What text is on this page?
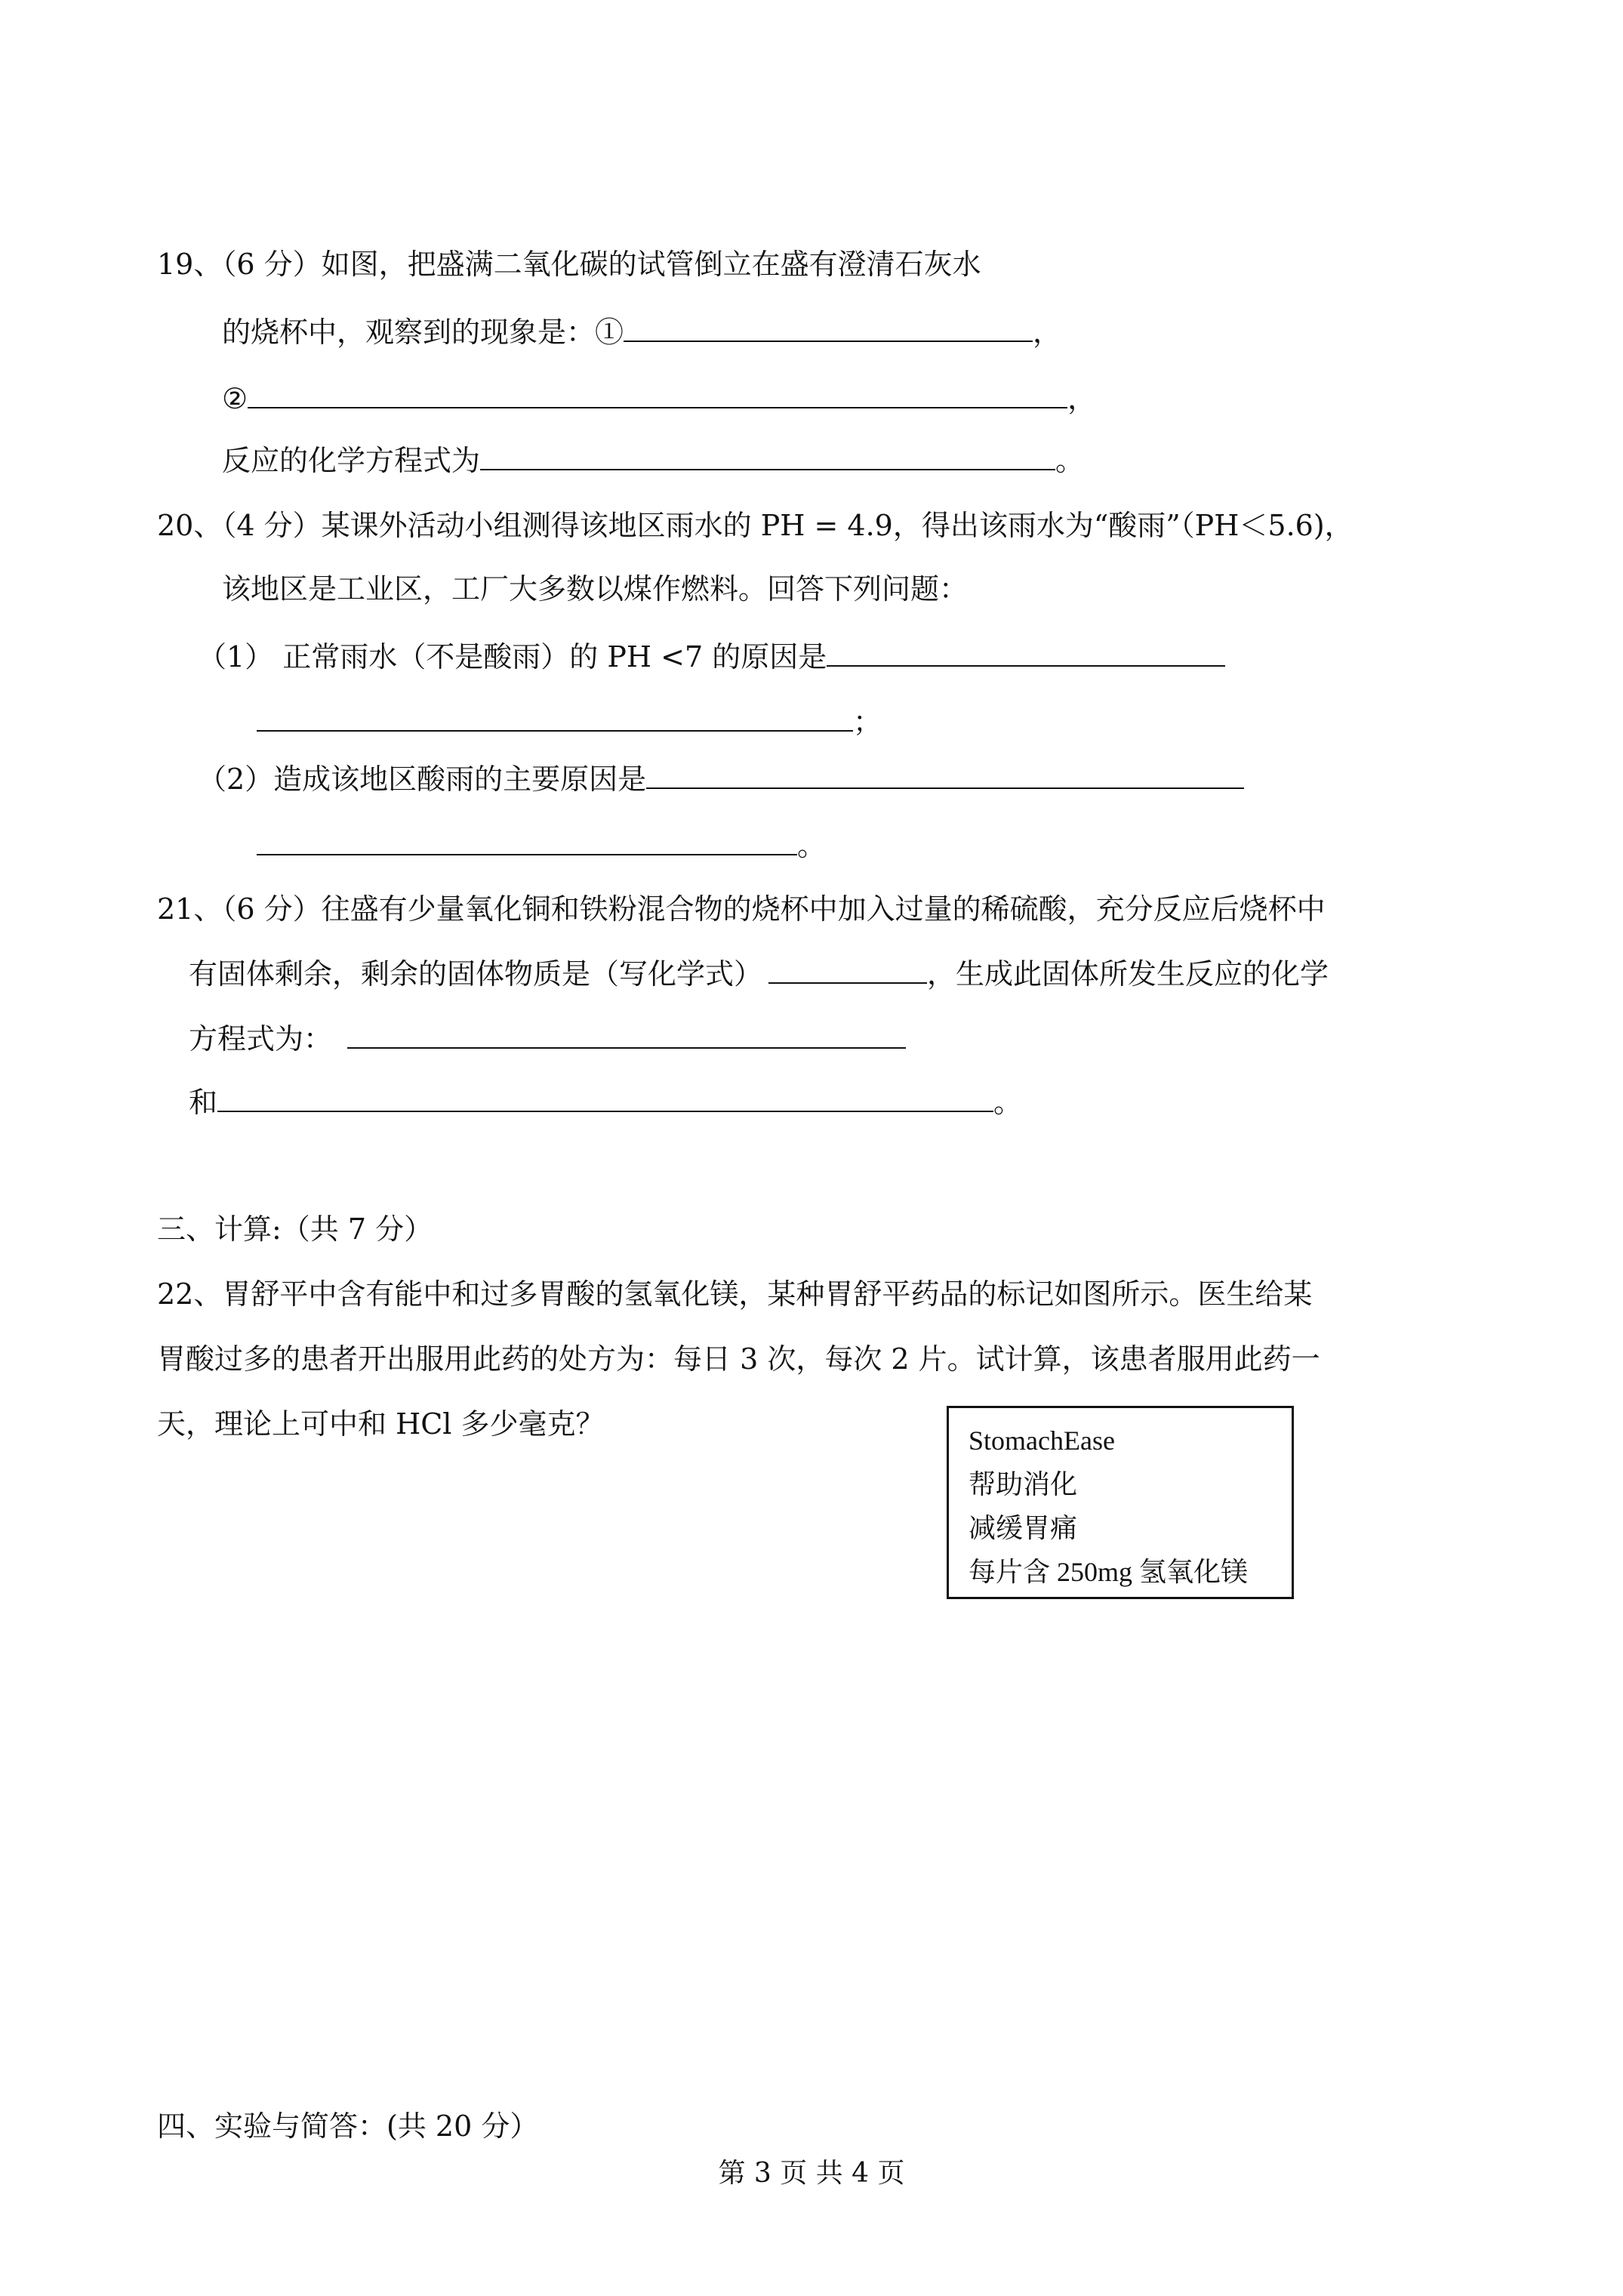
19、（6 分）如图，把盛满二氧化碳的试管倒立在盛有澄清石灰水
的烧杯中，观察到的现象是：①	，
②	，
反应的化学方程式为	。
20、（4 分）某课外活动小组测得该地区雨水的 PH = 4.9，得出该雨水为“酸雨”（PH＜5.6)，
该地区是工业区，工厂大多数以煤作燃料。回答下列问题：
（1） 正常雨水（不是酸雨）的 PH <7 的原因是
；
（2）造成该地区酸雨的主要原因是
。
21、（6 分）往盛有少量氧化铜和铁粉混合物的烧杯中加入过量的稀硫酸，充分反应后烧杯中
有固体剩余，剩余的固体物质是（写化学式）	，生成此固体所发生反应的化学
方程式为：
和	。
三、计算:（共 7 分）
22、胃舒平中含有能中和过多胃酸的氢氧化镁，某种胃舒平药品的标记如图所示。医生给某
胃酸过多的患者开出服用此药的处方为：每日 3 次，每次 2 片。试计算，该患者服用此药一
天，理论上可中和 HCl 多少毫克？	StomachEase
帮助消化
减缓胃痛
每片含 250mg 氢氧化镁
四、实验与简答：(共 20 分）
第 3 页 共 4 页
